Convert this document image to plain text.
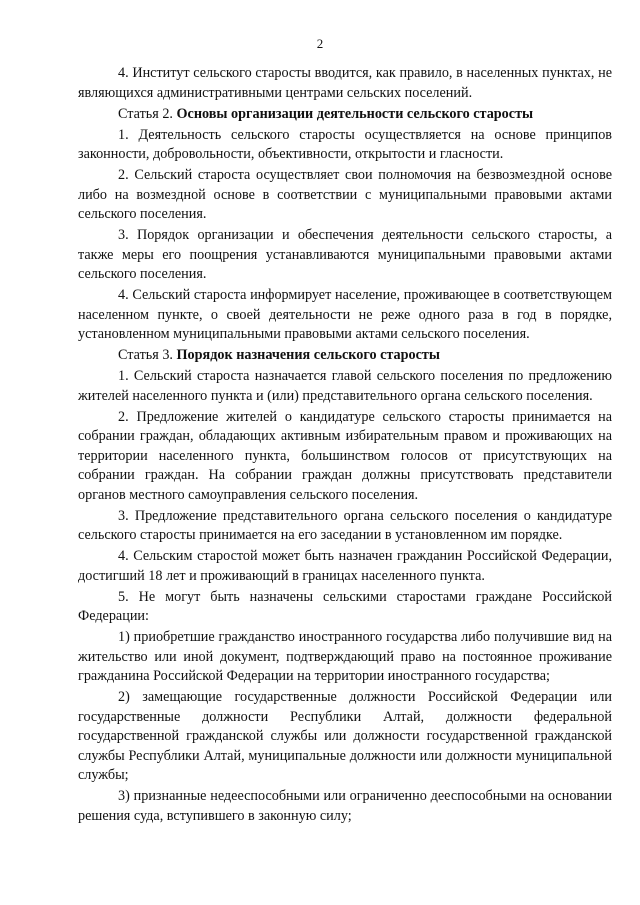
2

4. Институт сельского старосты вводится, как правило, в населенных пунктах, не являющихся административными центрами сельских поселений.

Статья 2. Основы организации деятельности сельского старосты

1. Деятельность сельского старосты осуществляется на основе принципов законности, добровольности, объективности, открытости и гласности.

2. Сельский староста осуществляет свои полномочия на безвозмездной основе либо на возмездной основе в соответствии с муниципальными правовыми актами сельского поселения.

3. Порядок организации и обеспечения деятельности сельского старосты, а также меры его поощрения устанавливаются муниципальными правовыми актами сельского поселения.

4. Сельский староста информирует население, проживающее в соответствующем населенном пункте, о своей деятельности не реже одного раза в год в порядке, установленном муниципальными правовыми актами сельского поселения.

Статья 3. Порядок назначения сельского старосты

1. Сельский староста назначается главой сельского поселения по предложению жителей населенного пункта и (или) представительного органа сельского поселения.

2. Предложение жителей о кандидатуре сельского старосты принимается на собрании граждан, обладающих активным избирательным правом и проживающих на территории населенного пункта, большинством голосов от присутствующих на собрании граждан. На собрании граждан должны присутствовать представители органов местного самоуправления сельского поселения.

3. Предложение представительного органа сельского поселения о кандидатуре сельского старосты принимается на его заседании в установленном им порядке.

4. Сельским старостой может быть назначен гражданин Российской Федерации, достигший 18 лет и проживающий в границах населенного пункта.

5. Не могут быть назначены сельскими старостами граждане Российской Федерации:

1) приобретшие гражданство иностранного государства либо получившие вид на жительство или иной документ, подтверждающий право на постоянное проживание гражданина Российской Федерации на территории иностранного государства;

2) замещающие государственные должности Российской Федерации или государственные должности Республики Алтай, должности федеральной государственной гражданской службы или должности государственной гражданской службы Республики Алтай, муниципальные должности или должности муниципальной службы;

3) признанные недееспособными или ограниченно дееспособными на основании решения суда, вступившего в законную силу;
